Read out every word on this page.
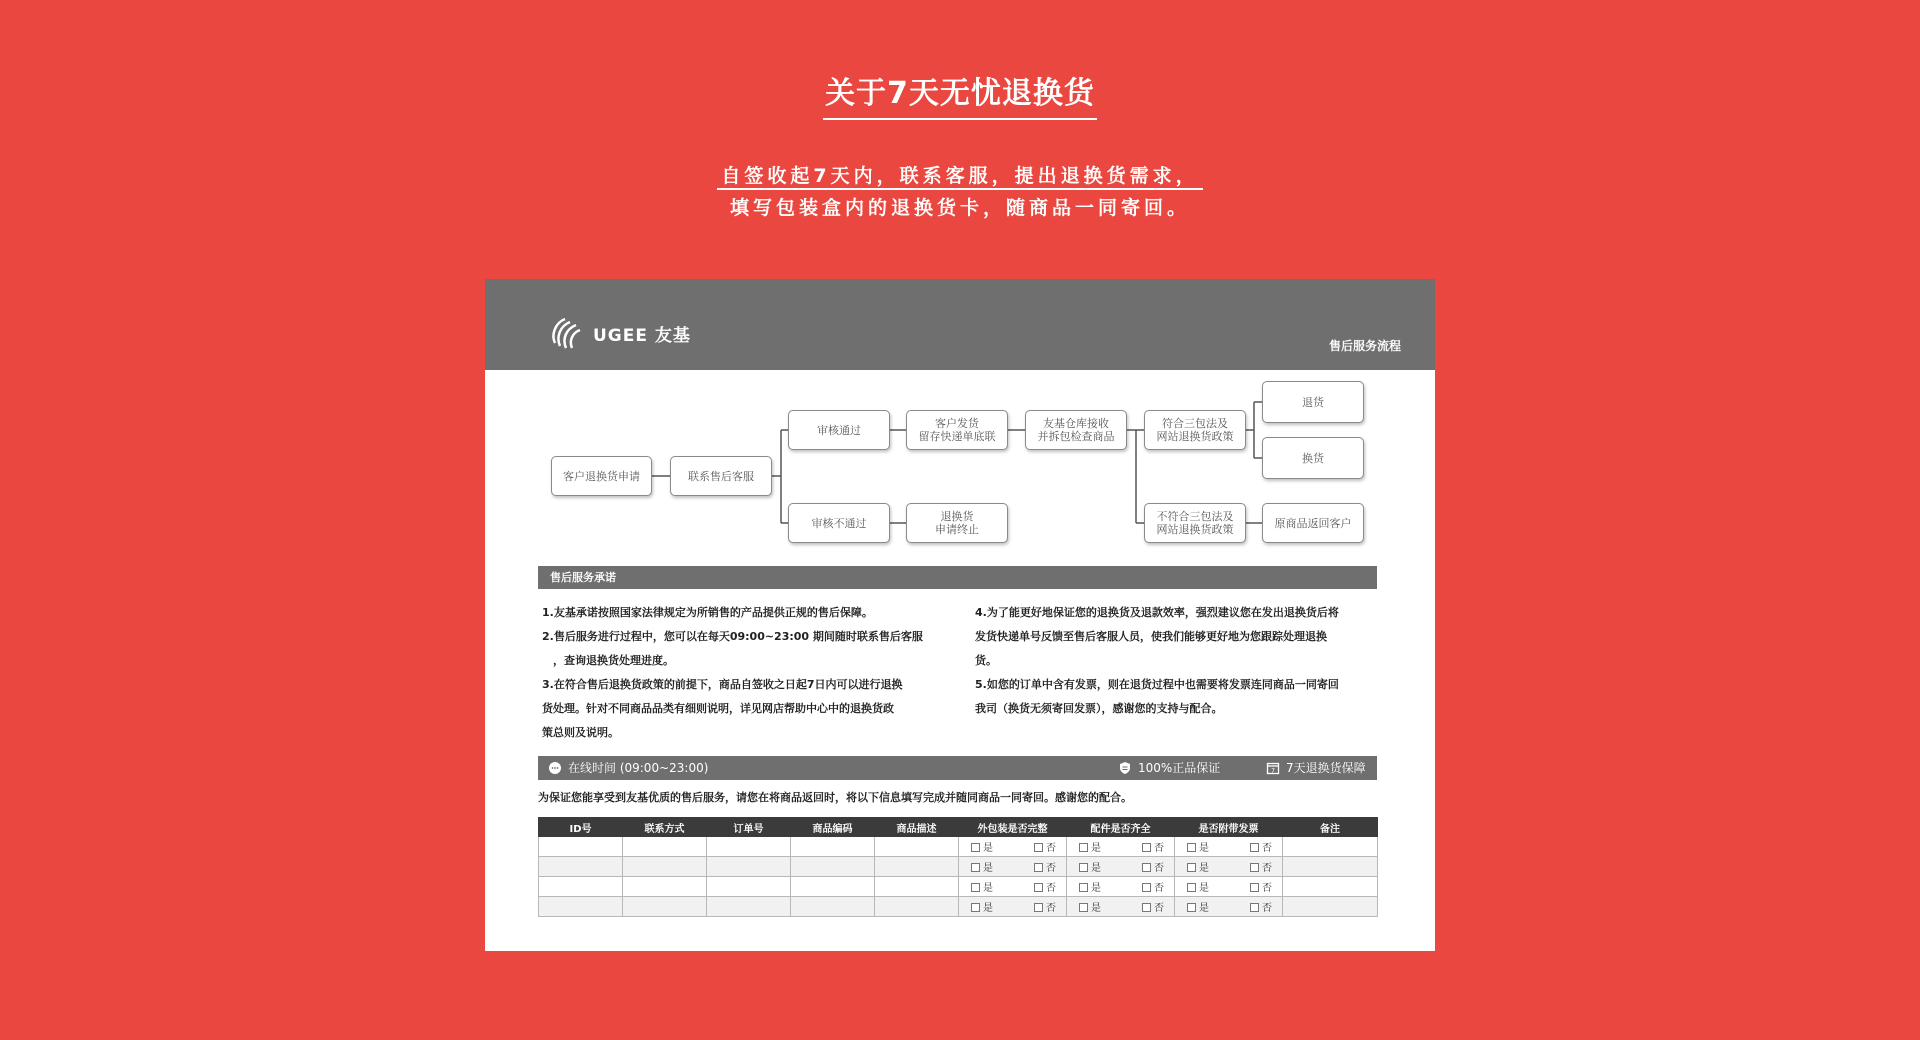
关于7天无忧退换货
自签收起7天内，联系客服，提出退换货需求，
填写包装盒内的退换货卡，随商品一同寄回。
UGEE 友基
售后服务流程
客户退换货申请	联系售后客服
审核通过
审核不通过
客户发货
留存快递单底联
退换货
申请终止
友基仓库接收
并拆包检查商品
符合三包法及
网站退换货政策
不符合三包法及
网站退换货政策
退货
换货
原商品返回客户
售后服务承诺

1.友基承诺按照国家法律规定为所销售的产品提供正规的售后保障。

2.售后服务进行过程中，您可以在每天09:00~23:00 期间随时联系售后客服

　，查询退换货处理进度。

3.在符合售后退换货政策的前提下，商品自签收之日起7日内可以进行退换

货处理。针对不同商品品类有细则说明，详见网店帮助中心中的退换货政

策总则及说明。

4.为了能更好地保证您的退换货及退款效率，强烈建议您在发出退换货后将

发货快递单号反馈至售后客服人员，使我们能够更好地为您跟踪处理退换

货。

5.如您的订单中含有发票，则在退货过程中也需要将发票连同商品一同寄回

我司（换货无须寄回发票），感谢您的支持与配合。

在线时间 (09:00~23:00)	100%正品保证	7 7天退换货保障
为保证您能享受到友基优质的售后服务，请您在将商品返回时，将以下信息填写完成并随同商品一同寄回。感谢您的配合。
ID号	联系方式	订单号	商品编码	商品描述	外包装是否完整	配件是否齐全	是否附带发票	备注

					是 否	是 否	是 否	

					是 否	是 否	是 否	

					是 否	是 否	是 否	

					是 否	是 否	是 否	
